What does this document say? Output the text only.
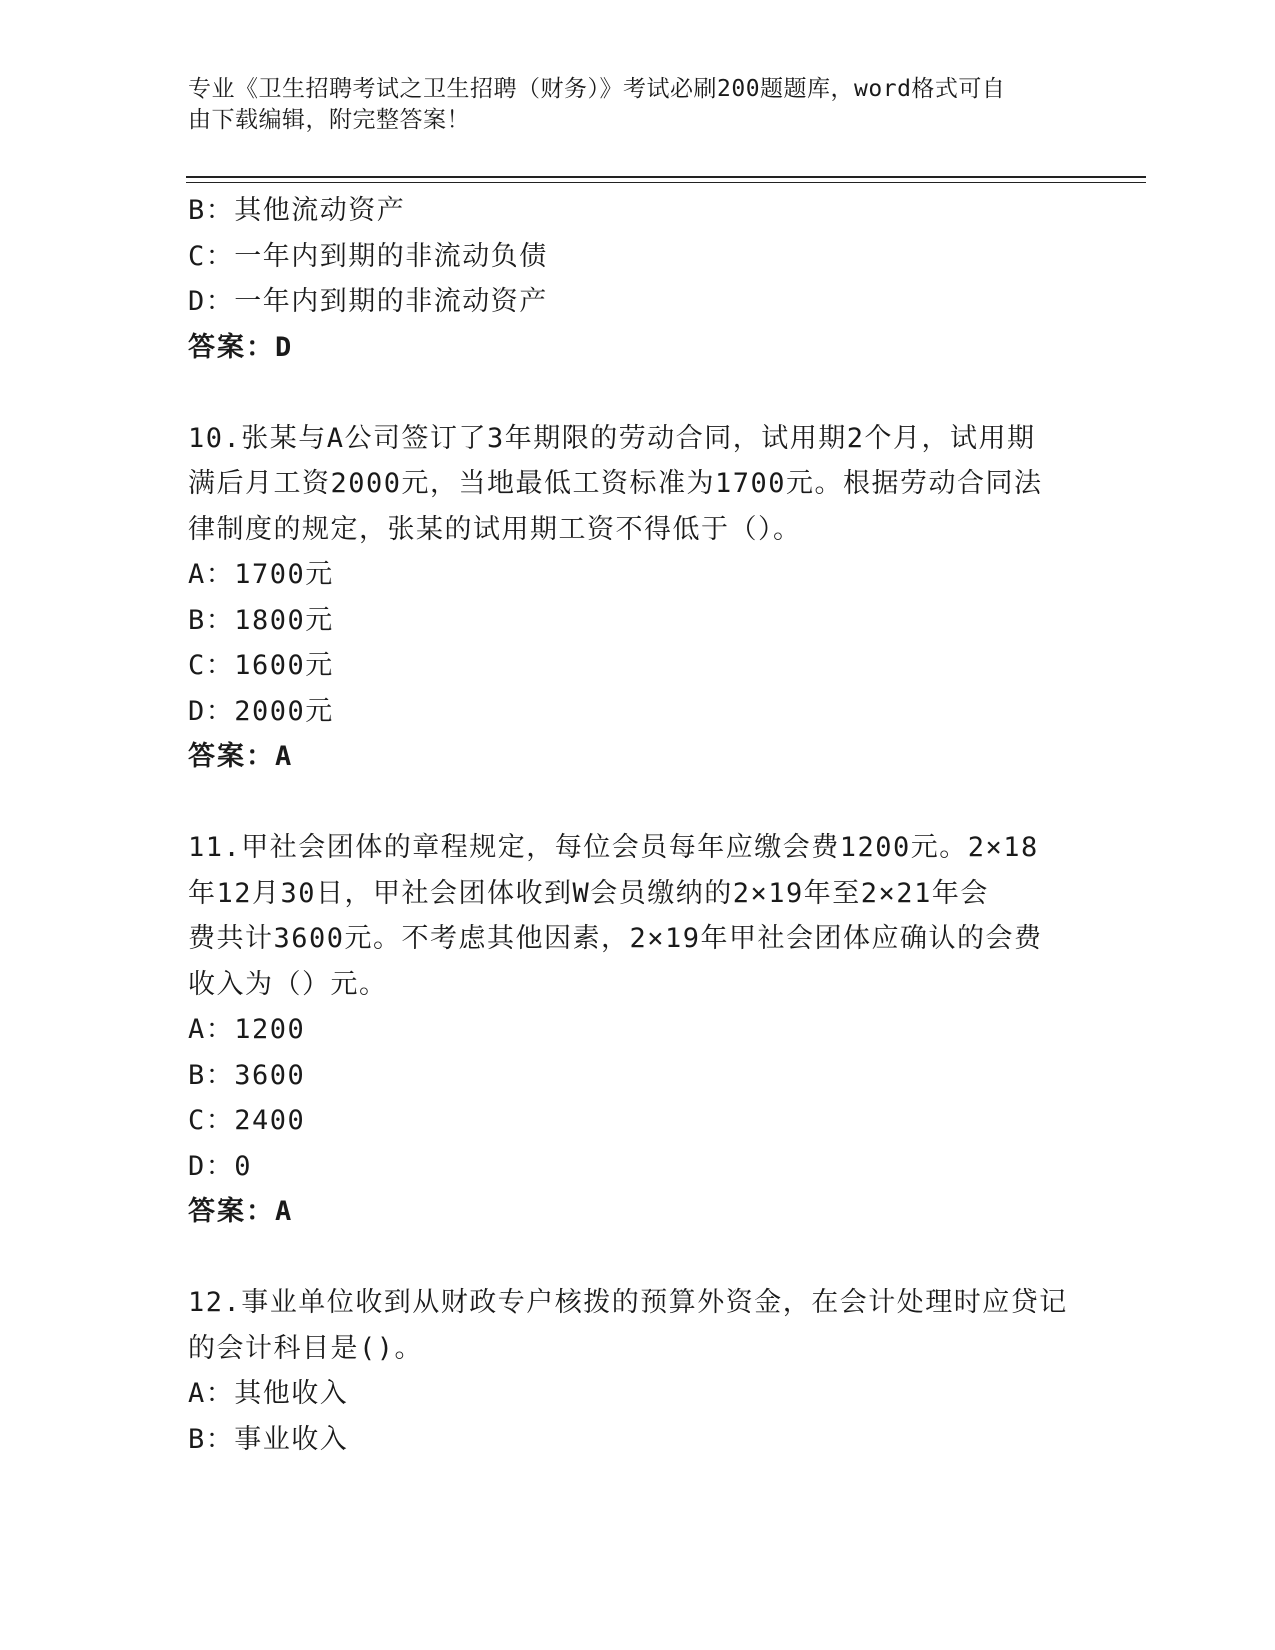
专业《卫生招聘考试之卫生招聘（财务）》考试必刷200题题库，word格式可自
由下载编辑，附完整答案！
B：其他流动资产
C：一年内到期的非流动负债
D：一年内到期的非流动资产
答案：D
10.张某与A公司签订了3年期限的劳动合同，试用期2个月，试用期
满后月工资2000元，当地最低工资标准为1700元。根据劳动合同法
律制度的规定，张某的试用期工资不得低于（）。
A：1700元
B：1800元
C：1600元
D：2000元
答案：A
11.甲社会团体的章程规定，每位会员每年应缴会费1200元。2×18
年12月30日，甲社会团体收到W会员缴纳的2×19年至2×21年会
费共计3600元。不考虑其他因素，2×19年甲社会团体应确认的会费
收入为（）元。
A：1200
B：3600
C：2400
D：0
答案：A
12.事业单位收到从财政专户核拨的预算外资金，在会计处理时应贷记
的会计科目是()。
A：其他收入
B：事业收入
